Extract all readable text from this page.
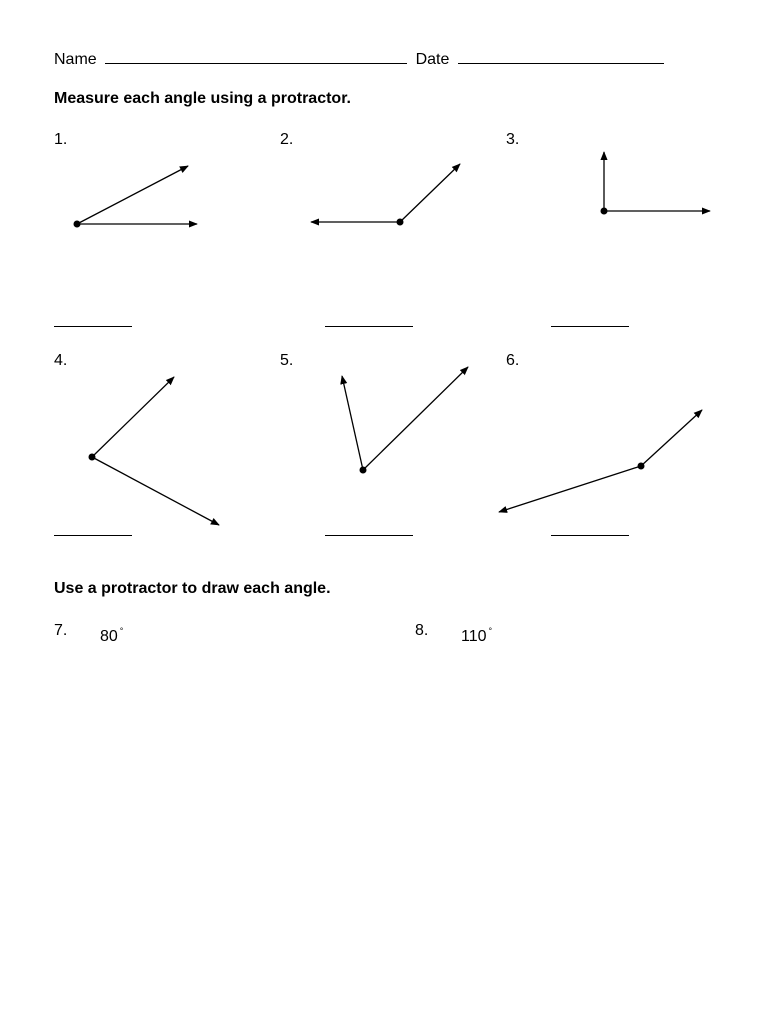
Name	Date
Measure each angle using a protractor.
1.	2.	3.
4.	5.	6.
Use a protractor to draw each angle.
7. 80 °	8. 110 °
